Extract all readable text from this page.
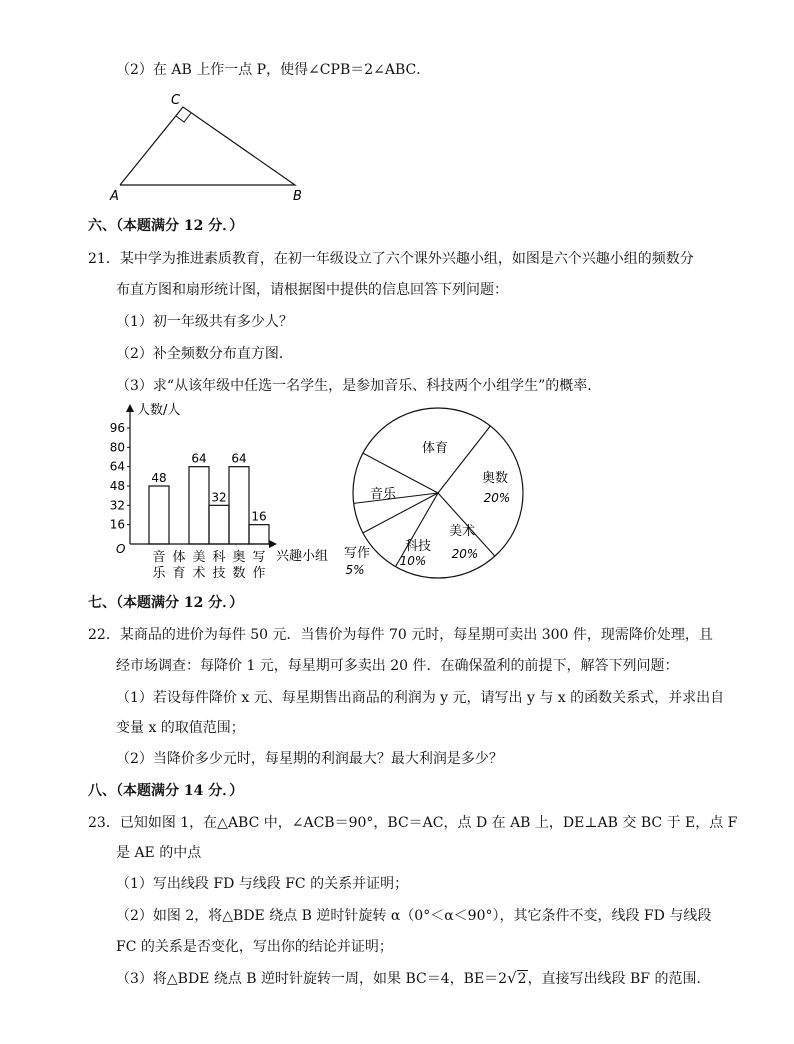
（2）在 AB 上作一点 P，使得∠CPB＝2∠ABC．
A	B
C
六、（本题满分 12 分．）
21．某中学为推进素质教育，在初一年级设立了六个课外兴趣小组，如图是六个兴趣小组的频数分
布直方图和扇形统计图，请根据图中提供的信息回答下列问题：
（1）初一年级共有多少人？
（2）补全频数分布直方图．
（3）求“从该年级中任选一名学生，是参加音乐、科技两个小组学生”的概率．
人数/人
兴趣小组
O
16
32
48
64
80
96
48
64
32
64
16
音乐
体育
美术
科技
奥数
写作
体育
奥数
20%
美术
20%
科技
10%
写作
5%
音乐
七、（本题满分 12 分．）
22．某商品的进价为每件 50 元．当售价为每件 70 元时，每星期可卖出 300 件，现需降价处理，且
经市场调查：每降价 1 元，每星期可多卖出 20 件．在确保盈利的前提下，解答下列问题：
（1）若设每件降价 x 元、每星期售出商品的利润为 y 元，请写出 y 与 x 的函数关系式，并求出自
变量 x 的取值范围；
（2）当降价多少元时，每星期的利润最大？最大利润是多少？
八、（本题满分 14 分．）
23．已知如图 1，在△ABC 中，∠ACB＝90°，BC＝AC，点 D 在 AB 上，DE⊥AB 交 BC 于 E，点 F
是 AE 的中点
（1）写出线段 FD 与线段 FC 的关系并证明；
（2）如图 2，将△BDE 绕点 B 逆时针旋转 α（0°＜α＜90°），其它条件不变，线段 FD 与线段
FC 的关系是否变化，写出你的结论并证明；
（3）将△BDE 绕点 B 逆时针旋转一周，如果 BC＝4，BE＝2√2，直接写出线段 BF 的范围．
